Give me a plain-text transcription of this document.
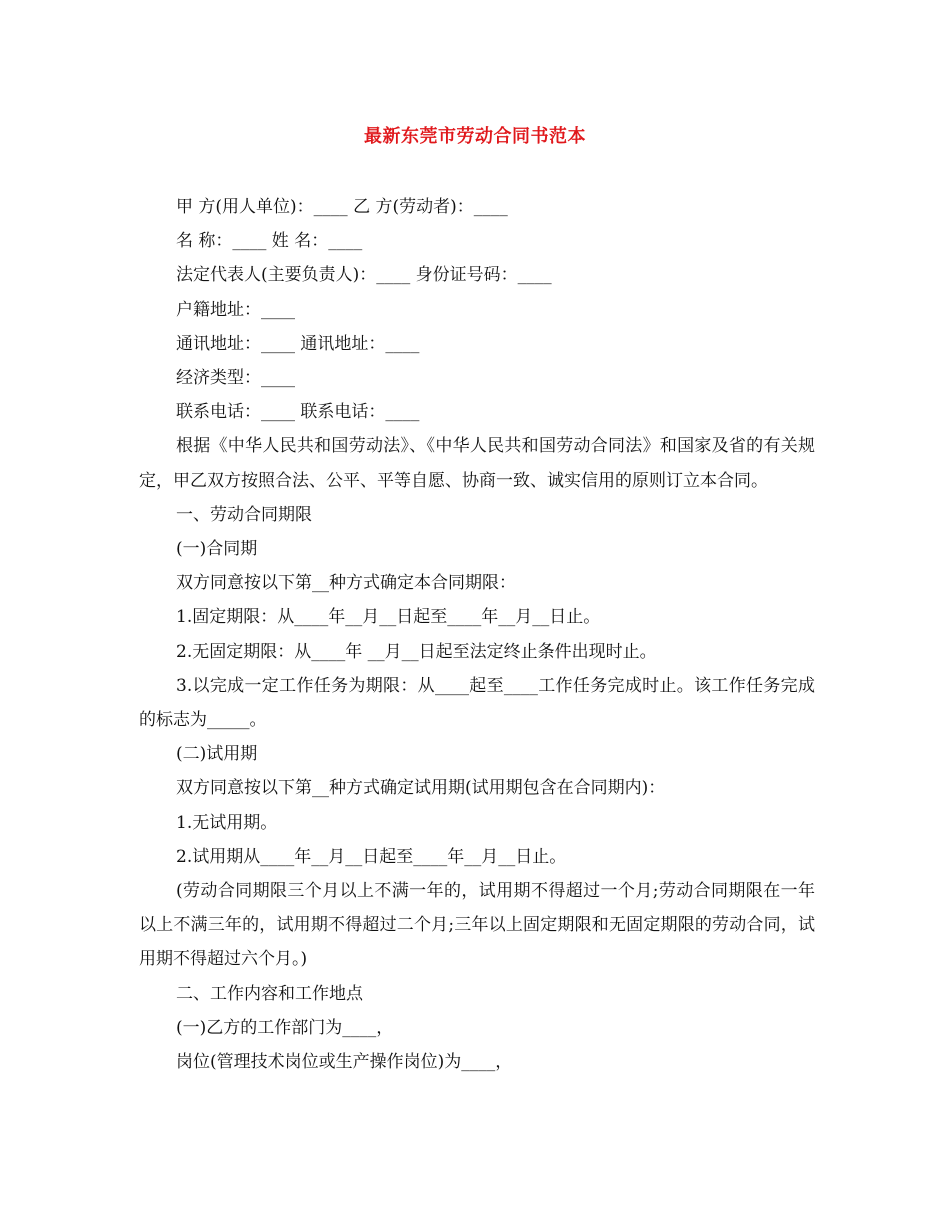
最新东莞市劳动合同书范本

甲 方(用人单位)：____ 乙 方(劳动者)：____

名 称：____ 姓 名：____

法定代表人(主要负责人)：____ 身份证号码：____

户籍地址：____

通讯地址：____ 通讯地址：____

经济类型：____

联系电话：____ 联系电话：____

根据《中华人民共和国劳动法》、《中华人民共和国劳动合同法》和国家及省的有关规定，甲乙双方按照合法、公平、平等自愿、协商一致、诚实信用的原则订立本合同。

一、劳动合同期限

(一)合同期

双方同意按以下第__种方式确定本合同期限：

1.固定期限：从____年__月__日起至____年__月__日止。

2.无固定期限：从____年 __月__日起至法定终止条件出现时止。

3.以完成一定工作任务为期限：从____起至____工作任务完成时止。该工作任务完成的标志为_____。

(二)试用期

双方同意按以下第__种方式确定试用期(试用期包含在合同期内)：

1.无试用期。

2.试用期从____年__月__日起至____年__月__日止。

(劳动合同期限三个月以上不满一年的，试用期不得超过一个月;劳动合同期限在一年以上不满三年的，试用期不得超过二个月;三年以上固定期限和无固定期限的劳动合同，试用期不得超过六个月。)

二、工作内容和工作地点

(一)乙方的工作部门为____，

岗位(管理技术岗位或生产操作岗位)为____，
